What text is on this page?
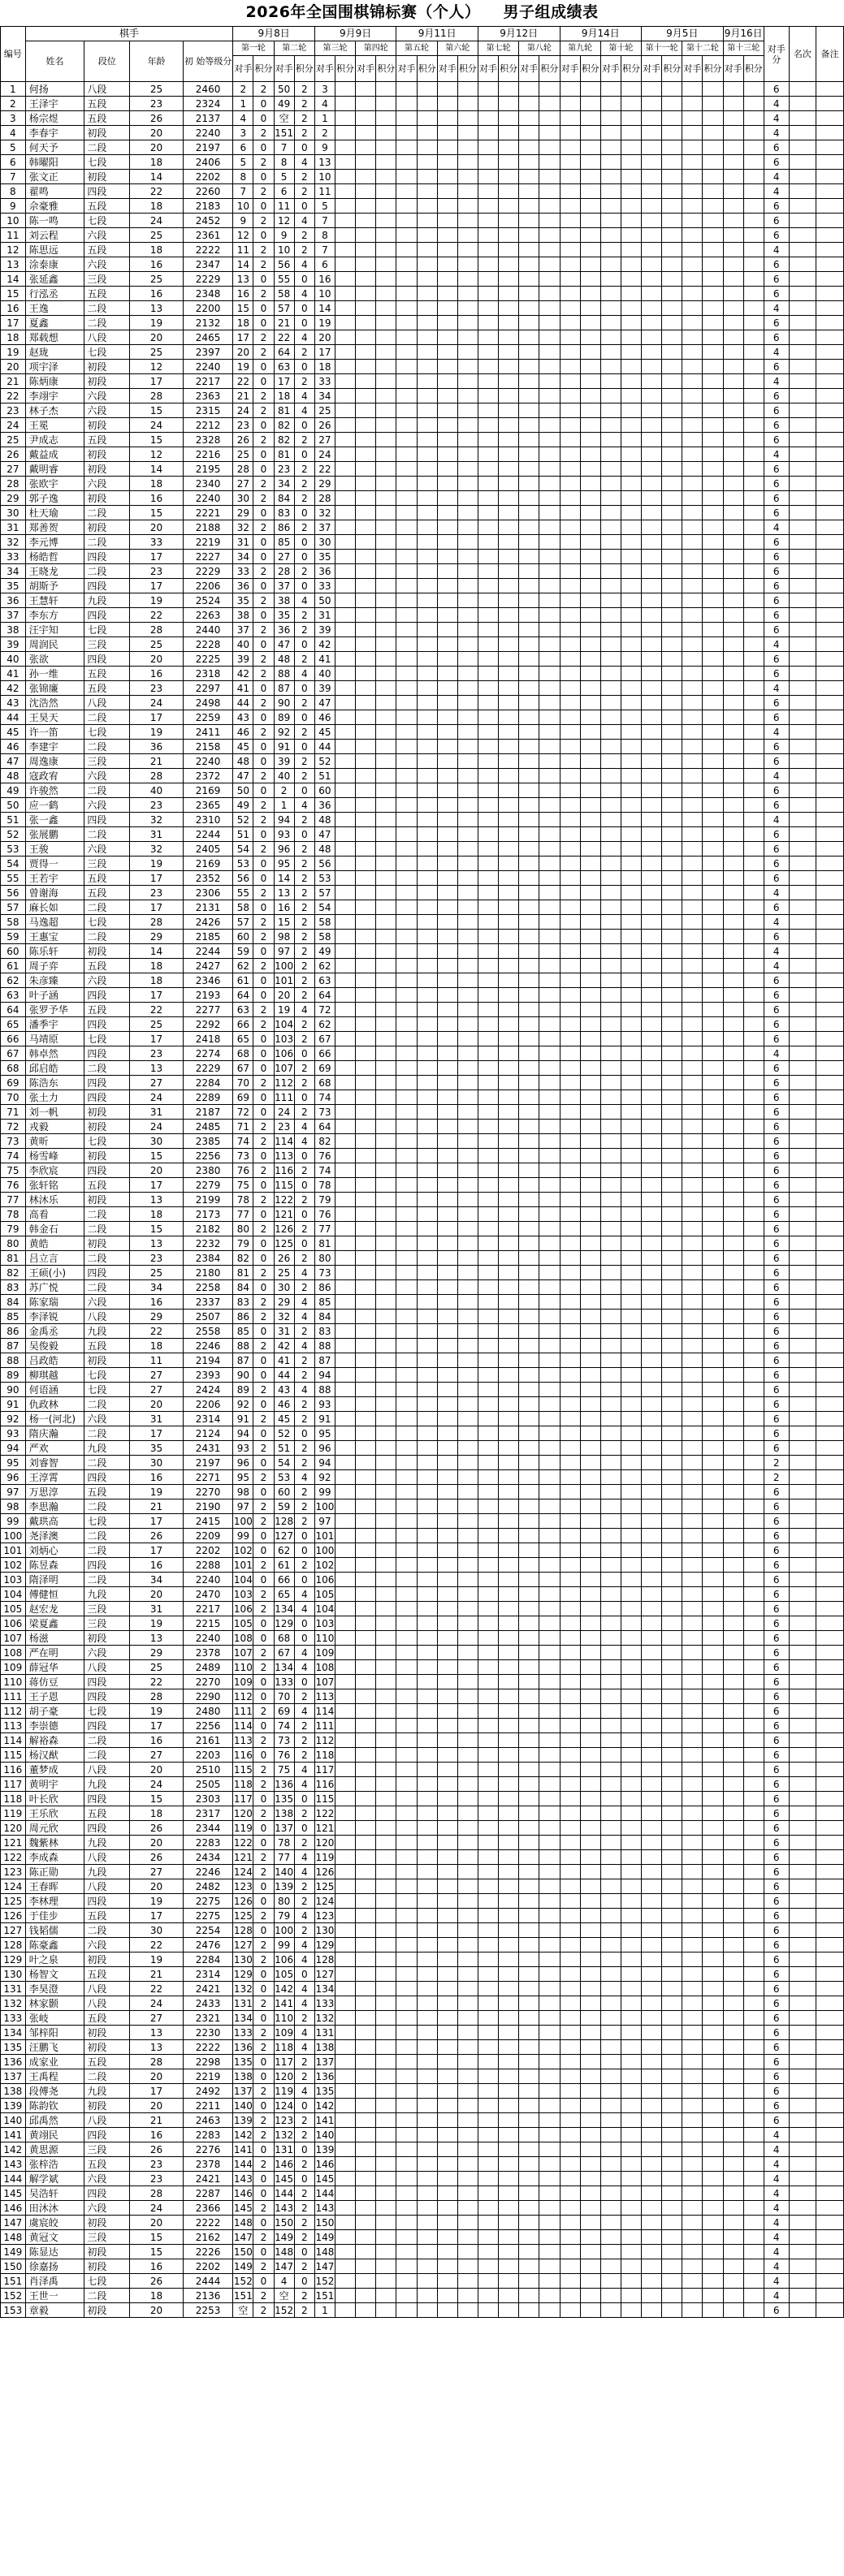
2026年全国围棋锦标赛（个人） 男子组成绩表
编号	棋手				9月8日				9月9日				9月11日				9月12日				9月14日				9月5日				9月16日		对手分	名次	备注
	姓名	段位	年龄	初 始等级分	第一轮		第二轮		第三轮		第四轮		第五轮		第六轮		第七轮		第八轮		第九轮		第十轮		第十一轮		第十二轮		第十三轮				
					对手	积分	对手	积分	对手	积分	对手	积分	对手	积分	对手	积分	对手	积分	对手	积分	对手	积分	对手	积分	对手	积分	对手	积分	对手	积分			
1	何扬	八段	25	2460	2	2	50	2	3																						6		
2	王泽宇	五段	23	2324	1	0	49	2	4																						4		
3	杨宗煜	五段	26	2137	4	0	空	2	1																						4		
4	李春宇	初段	20	2240	3	2	151	2	2																						4		
5	何天予	二段	20	2197	6	0	7	0	9																						6		
6	韩曜阳	七段	18	2406	5	2	8	4	13																						6		
7	张文正	初段	14	2202	8	0	5	2	10																						4		
8	翟鸣	四段	22	2260	7	2	6	2	11																						4		
9	佘豪雅	五段	18	2183	10	0	11	0	5																						6		
10	陈一鸣	七段	24	2452	9	2	12	4	7																						6		
11	刘云程	六段	25	2361	12	0	9	2	8																						6		
12	陈思远	五段	18	2222	11	2	10	2	7																						4		
13	涂泰康	六段	16	2347	14	2	56	4	6																						6		
14	张延鑫	三段	25	2229	13	0	55	0	16																						6		
15	行泓丞	五段	16	2348	16	2	58	4	10																						6		
16	王逸	二段	13	2200	15	0	57	0	14																						4		
17	夏鑫	二段	19	2132	18	0	21	0	19																						6		
18	郑载想	八段	20	2465	17	2	22	4	20																						6		
19	赵珑	七段	25	2397	20	2	64	2	17																						4		
20	项宇泽	初段	12	2240	19	0	63	0	18																						6		
21	陈炳康	初段	17	2217	22	0	17	2	33																						4		
22	李翊宇	六段	28	2363	21	2	18	4	34																						6		
23	林子杰	六段	15	2315	24	2	81	4	25																						6		
24	王冕	初段	24	2212	23	0	82	0	26																						6		
25	尹成志	五段	15	2328	26	2	82	2	27																						6		
26	戴益成	初段	12	2216	25	0	81	0	24																						4		
27	戴明睿	初段	14	2195	28	0	23	2	22																						6		
28	张欧宇	六段	18	2340	27	2	34	2	29																						6		
29	郭子逸	初段	16	2240	30	2	84	2	28																						6		
30	杜天瑜	二段	15	2221	29	0	83	0	32																						6		
31	郑善贺	初段	20	2188	32	2	86	2	37																						4		
32	李元博	二段	33	2219	31	0	85	0	30																						6		
33	杨皓哲	四段	17	2227	34	0	27	0	35																						6		
34	王晓龙	二段	23	2229	33	2	28	2	36																						6		
35	胡斯予	四段	17	2206	36	0	37	0	33																						6		
36	王慧轩	九段	19	2524	35	2	38	4	50																						6		
37	李东方	四段	22	2263	38	0	35	2	31																						6		
38	汪宇知	七段	28	2440	37	2	36	2	39																						6		
39	周润民	三段	25	2228	40	0	47	0	42																						4		
40	张欲	四段	20	2225	39	2	48	2	41																						6		
41	孙一维	五段	16	2318	42	2	88	4	40																						6		
42	张锦廉	五段	23	2297	41	0	87	0	39																						4		
43	沈浩然	八段	24	2498	44	2	90	2	47																						6		
44	王昊天	二段	17	2259	43	0	89	0	46																						6		
45	许一笛	七段	19	2411	46	2	92	2	45																						4		
46	李建宇	二段	36	2158	45	0	91	0	44																						6		
47	周逸康	三段	21	2240	48	0	39	2	52																						6		
48	寇政宥	六段	28	2372	47	2	40	2	51																						4		
49	许骏然	二段	40	2169	50	0	2	0	60																						6		
50	应一鹤	六段	23	2365	49	2	1	4	36																						6		
51	张一鑫	四段	32	2310	52	2	94	2	48																						4		
52	张展鹏	二段	31	2244	51	0	93	0	47																						6		
53	王骏	六段	32	2405	54	2	96	2	48																						6		
54	贾得一	三段	19	2169	53	0	95	2	56																						6		
55	王若宇	五段	17	2352	56	0	14	2	53																						6		
56	曾谢海	五段	23	2306	55	2	13	2	57																						4		
57	麻长如	二段	17	2131	58	0	16	2	54																						6		
58	马逸超	七段	28	2426	57	2	15	2	58																						4		
59	王惠宝	二段	29	2185	60	2	98	2	58																						6		
60	陈乐轩	初段	14	2244	59	0	97	2	49																						4		
61	周子弈	五段	18	2427	62	2	100	2	62																						4		
62	朱彦臻	六段	18	2346	61	0	101	2	63																						6		
63	叶子涵	四段	17	2193	64	0	20	2	64																						6		
64	张罗予华	五段	22	2277	63	2	19	4	72																						6		
65	潘季宇	四段	25	2292	66	2	104	2	62																						6		
66	马靖原	七段	17	2418	65	0	103	2	67																						6		
67	韩卓然	四段	23	2274	68	0	106	0	66																						4		
68	邱启皓	二段	13	2229	67	0	107	2	69																						6		
69	陈浩东	四段	27	2284	70	2	112	2	68																						6		
70	张土力	四段	24	2289	69	0	111	0	74																						6		
71	刘一帆	初段	31	2187	72	0	24	2	73																						6		
72	戎毅	初段	24	2485	71	2	23	4	64																						6		
73	黄昕	七段	30	2385	74	2	114	4	82																						6		
74	杨雪峰	初段	15	2256	73	0	113	0	76																						6		
75	李欣宸	四段	20	2380	76	2	116	2	74																						6		
76	张轩铭	五段	17	2279	75	0	115	0	78																						6		
77	林沐乐	初段	13	2199	78	2	122	2	79																						6		
78	高看	二段	18	2173	77	0	121	0	76																						6		
79	韩金石	二段	15	2182	80	2	126	2	77																						6		
80	黄皓	初段	13	2232	79	0	125	0	81																						6		
81	吕立言	二段	23	2384	82	0	26	2	80																						6		
82	王硕(小)	四段	25	2180	81	2	25	4	73																						6		
83	苏广悦	二段	34	2258	84	0	30	2	86																						6		
84	陈家瑞	六段	16	2337	83	2	29	4	85																						6		
85	李泽锐	八段	29	2507	86	2	32	4	84																						6		
86	金禹丞	九段	22	2558	85	0	31	2	83																						6		
87	吴俊毅	五段	18	2246	88	2	42	4	88																						6		
88	吕政皓	初段	11	2194	87	0	41	2	87																						6		
89	柳琪越	七段	27	2393	90	0	44	2	94																						6		
90	何语涵	七段	27	2424	89	2	43	4	88																						6		
91	仇政林	二段	20	2206	92	0	46	2	93																						6		
92	杨一(河北)	六段	31	2314	91	2	45	2	91																						6		
93	隋庆瀚	二段	17	2124	94	0	52	0	95																						6		
94	严欢	九段	35	2431	93	2	51	2	96																						6		
95	刘睿智	二段	30	2197	96	0	54	2	94																						2		
96	王淳霄	四段	16	2271	95	2	53	4	92																						2		
97	万思淳	五段	19	2270	98	0	60	2	99																						6		
98	李思瀚	二段	21	2190	97	2	59	2	100																						6		
99	戴珙高	七段	17	2415	100	2	128	2	97																						6		
100	尧泽澳	二段	26	2209	99	0	127	0	101																						6		
101	刘炳心	二段	17	2202	102	0	62	0	100																						6		
102	陈昱森	四段	16	2288	101	2	61	2	102																						6		
103	隋泽明	二段	34	2240	104	0	66	0	106																						6		
104	傅健恒	九段	20	2470	103	2	65	4	105																						6		
105	赵宏龙	三段	31	2217	106	2	134	4	104																						6		
106	梁夏鑫	三段	19	2215	105	0	129	0	103																						6		
107	杨滋	初段	13	2240	108	0	68	0	110																						6		
108	严在明	六段	29	2378	107	2	67	4	109																						6		
109	薛冠华	八段	25	2489	110	2	134	4	108																						6		
110	蒋仿豆	四段	22	2270	109	0	133	0	107																						6		
111	王子恩	四段	28	2290	112	0	70	2	113																						6		
112	胡子豪	七段	19	2480	111	2	69	4	114																						6		
113	李崇德	四段	17	2256	114	0	74	2	111																						6		
114	解裕森	二段	16	2161	113	2	73	2	112																						6		
115	杨汉猷	二段	27	2203	116	0	76	2	118																						6		
116	董梦成	八段	20	2510	115	2	75	4	117																						6		
117	黄明宇	九段	24	2505	118	2	136	4	116																						6		
118	叶长欣	四段	15	2303	117	0	135	0	115																						6		
119	王乐欣	五段	18	2317	120	2	138	2	122																						6		
120	周元欣	四段	26	2344	119	0	137	0	121																						6		
121	魏紫林	九段	20	2283	122	0	78	2	120																						6		
122	李成森	八段	26	2434	121	2	77	4	119																						6		
123	陈正勋	九段	27	2246	124	2	140	4	126																						6		
124	王春晖	八段	20	2482	123	0	139	2	125																						6		
125	李林理	四段	19	2275	126	0	80	2	124																						6		
126	于佳步	五段	17	2275	125	2	79	4	123																						6		
127	钱韬儒	二段	30	2254	128	0	100	2	130																						6		
128	陈豪鑫	六段	22	2476	127	2	99	4	129																						6		
129	叶之泉	初段	19	2284	130	2	106	4	128																						6		
130	杨智文	五段	21	2314	129	0	105	0	127																						6		
131	李昊澄	八段	22	2421	132	0	142	4	134																						6		
132	林家颢	八段	24	2433	131	2	141	4	133																						6		
133	张岐	五段	27	2321	134	0	110	2	132																						6		
134	邹梓阳	初段	13	2230	133	2	109	4	131																						6		
135	汪鹏飞	初段	13	2222	136	2	118	4	138																						6		
136	成家业	五段	28	2298	135	0	117	2	137																						6		
137	王禹程	二段	20	2219	138	0	120	2	136																						6		
138	段傅尧	九段	17	2492	137	2	119	4	135																						6		
139	陈韵钦	初段	20	2211	140	0	124	0	142																						6		
140	邱禹然	八段	21	2463	139	2	123	2	141																						6		
141	黄翊民	四段	16	2283	142	2	132	2	140																						4		
142	黄思源	三段	26	2276	141	0	131	0	139																						4		
143	张梓浩	五段	23	2378	144	2	146	2	146																						4		
144	解学斌	六段	23	2421	143	0	145	0	145																						4		
145	吴浩轩	四段	28	2287	146	0	144	2	144																						4		
146	田沐沐	六段	24	2366	145	2	143	2	143																						4		
147	虞宸皎	初段	20	2222	148	0	150	2	150																						4		
148	黄冠文	三段	15	2162	147	2	149	2	149																						4		
149	陈显达	初段	15	2226	150	0	148	0	148																						4		
150	徐嘉扬	初段	16	2202	149	2	147	2	147																						4		
151	肖泽禹	七段	26	2444	152	0	4	0	152																						4		
152	王世一	二段	18	2136	151	2	空	2	151																						4		
153	章毅	初段	20	2253	空	2	152	2	1																						6		
